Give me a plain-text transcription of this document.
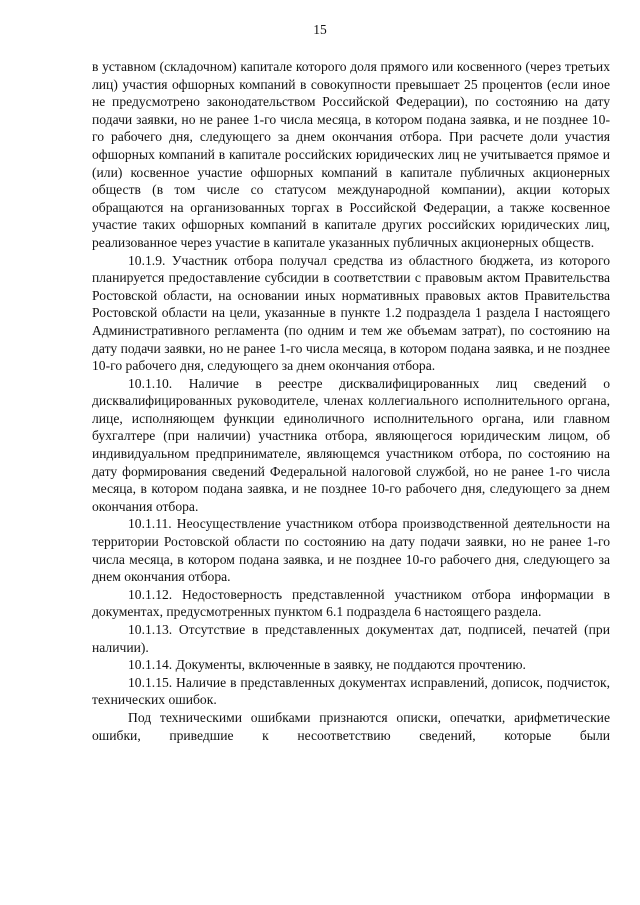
15

в уставном (складочном) капитале которого доля прямого или косвенного (через третьих лиц) участия офшорных компаний в совокупности превышает 25 процентов (если иное не предусмотрено законодательством Российской Федерации), по состоянию на дату подачи заявки, но не ранее 1-го числа месяца, в котором подана заявка, и не позднее 10-го рабочего дня, следующего за днем окончания отбора. При расчете доли участия офшорных компаний в капитале российских юридических лиц не учитывается прямое и (или) косвенное участие офшорных компаний в капитале публичных акционерных обществ (в том числе со статусом международной компании), акции которых обращаются на организованных торгах в Российской Федерации, а также косвенное участие таких офшорных компаний в капитале других российских юридических лиц, реализованное через участие в капитале указанных публичных акционерных обществ.

10.1.9. Участник отбора получал средства из областного бюджета, из которого планируется предоставление субсидии в соответствии с правовым актом Правительства Ростовской области, на основании иных нормативных правовых актов Правительства Ростовской области на цели, указанные в пункте 1.2 подраздела 1 раздела I настоящего Административного регламента (по одним и тем же объемам затрат), по состоянию на дату подачи заявки, но не ранее 1-го числа месяца, в котором подана заявка, и не позднее 10-го рабочего дня, следующего за днем окончания отбора.

10.1.10. Наличие в реестре дисквалифицированных лиц сведений о дисквалифицированных руководителе, членах коллегиального исполнительного органа, лице, исполняющем функции единоличного исполнительного органа, или главном бухгалтере (при наличии) участника отбора, являющегося юридическим лицом, об индивидуальном предпринимателе, являющемся участником отбора, по состоянию на дату формирования сведений Федеральной налоговой службой, но не ранее 1-го числа месяца, в котором подана заявка, и не позднее 10-го рабочего дня, следующего за днем окончания отбора.

10.1.11. Неосуществление участником отбора производственной деятельности на территории Ростовской области по состоянию на дату подачи заявки, но не ранее 1-го числа месяца, в котором подана заявка, и не позднее 10-го рабочего дня, следующего за днем окончания отбора.

10.1.12. Недостоверность представленной участником отбора информации в документах, предусмотренных пунктом 6.1 подраздела 6 настоящего раздела.

10.1.13. Отсутствие в представленных документах дат, подписей, печатей (при наличии).

10.1.14. Документы, включенные в заявку, не поддаются прочтению.

10.1.15. Наличие в представленных документах исправлений, дописок, подчисток, технических ошибок.

Под техническими ошибками признаются описки, опечатки, арифметические ошибки, приведшие к несоответствию сведений, которые были
